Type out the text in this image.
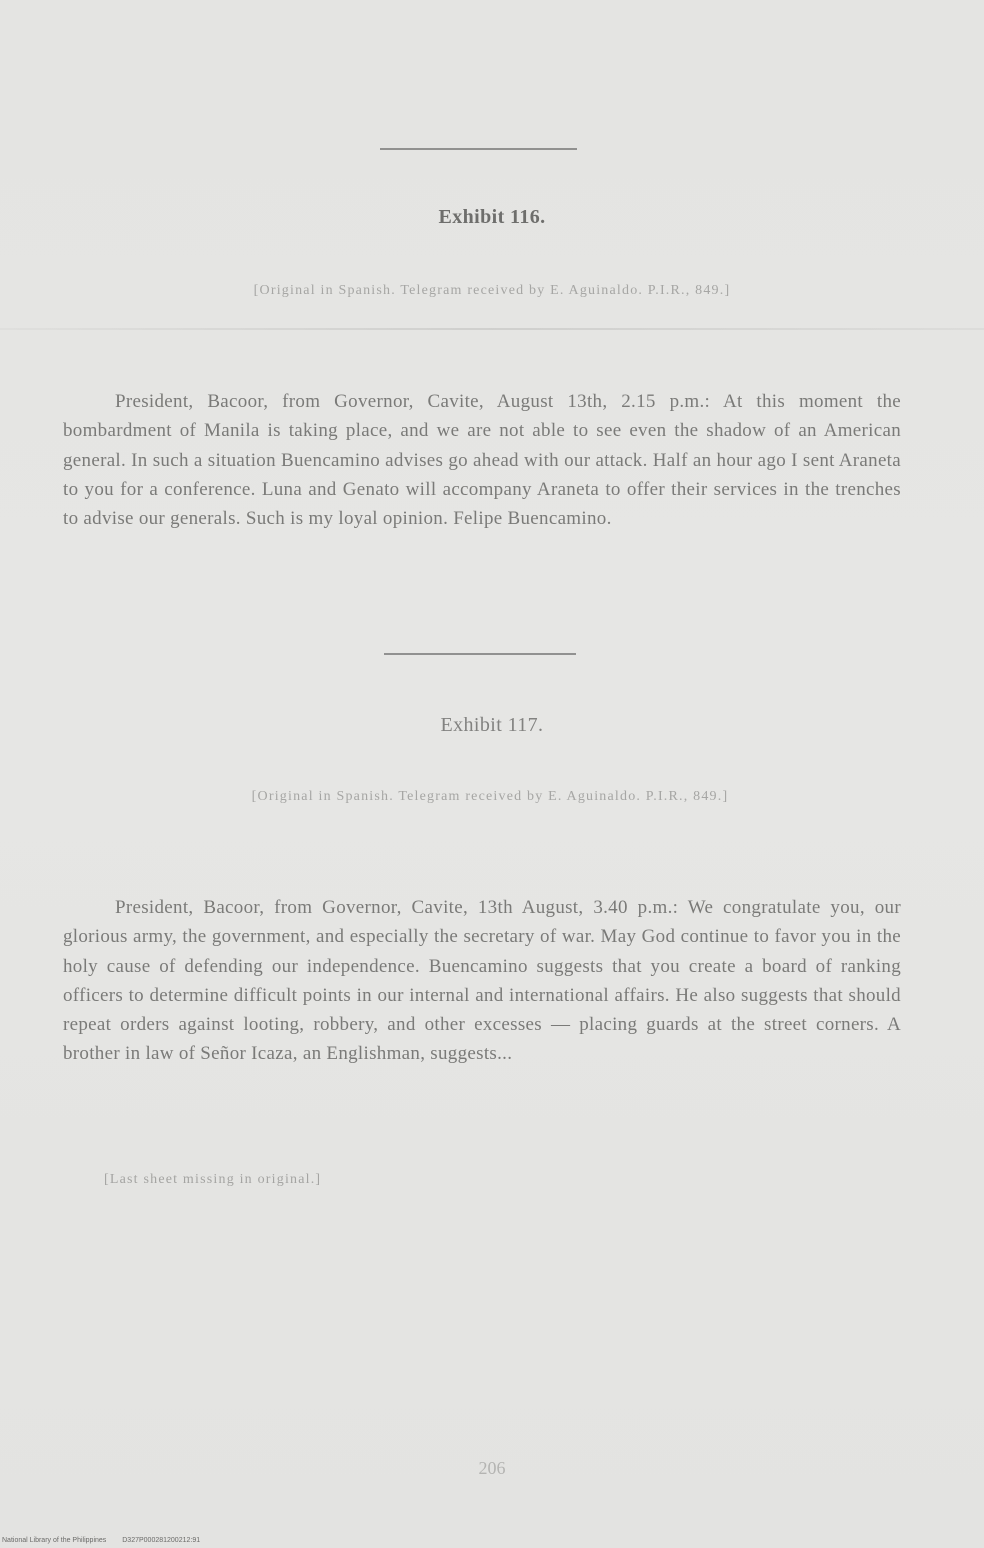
Exhibit 116.
[Original in Spanish. Telegram received by E. Aguinaldo. P.I.R., 849.]
President, Bacoor, from Governor, Cavite, August 13th, 2.15 p.m.: At this moment the bombardment of Manila is taking place, and we are not able to see even the shadow of an American general. In such a situation Buencamino advises go ahead with our attack. Half an hour ago I sent Araneta to you for a conference. Luna and Genato will accompany Araneta to offer their services in the trenches to advise our generals. Such is my loyal opinion. Felipe Buencamino.
Exhibit 117.
[Original in Spanish. Telegram received by E. Aguinaldo. P.I.R., 849.]
President, Bacoor, from Governor, Cavite, 13th August, 3.40 p.m.: We congratulate you, our glorious army, the government, and especially the secretary of war. May God continue to favor you in the holy cause of defending our independence. Buencamino suggests that you create a board of ranking officers to determine difficult points in our internal and international affairs. He also suggests that should repeat orders against looting, robbery, and other excesses — placing guards at the street corners. A brother in law of Señor Icaza, an Englishman, suggests...
[Last sheet missing in original.]
206
National Library of the Philippines D327P000281200212:91
